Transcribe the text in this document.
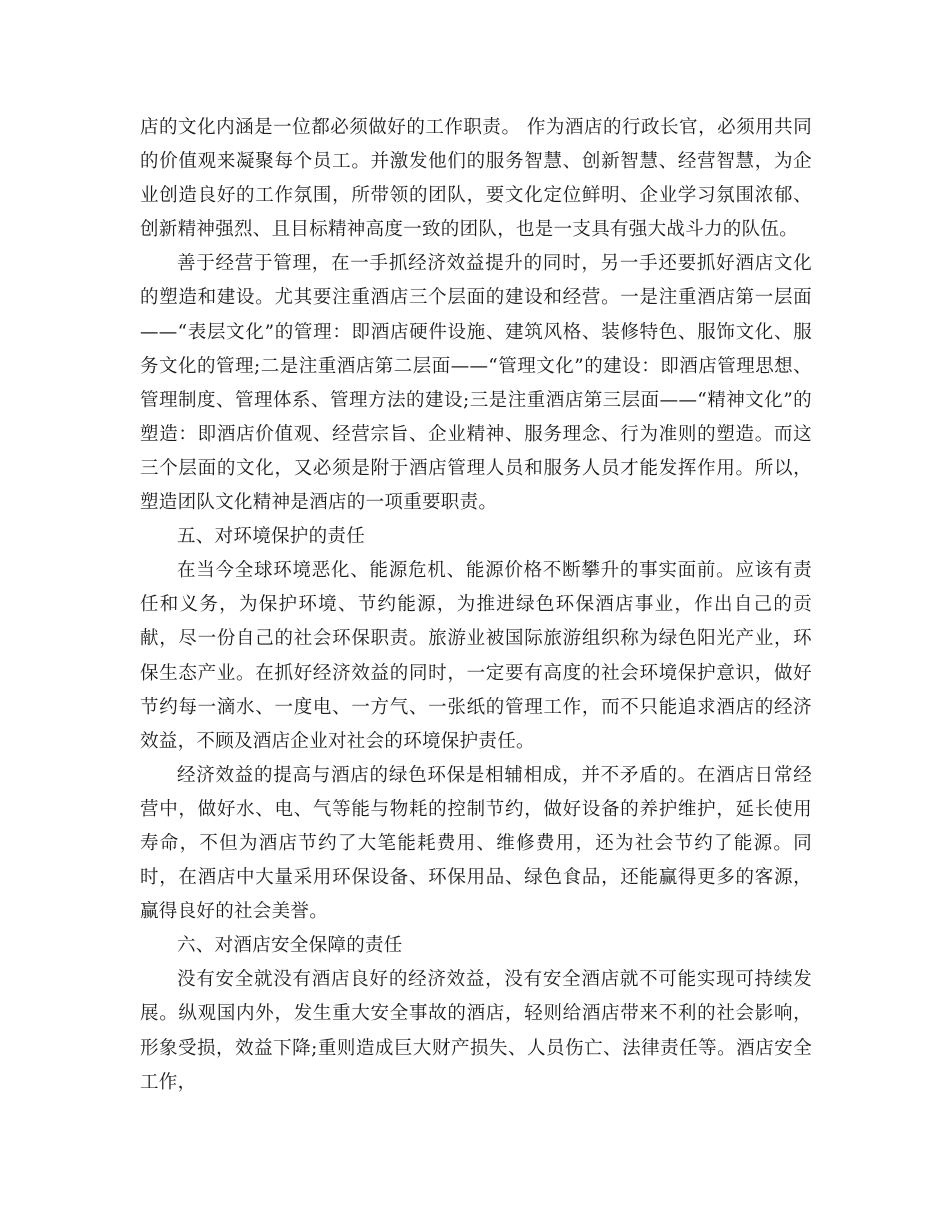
店的文化内涵是一位都必须做好的工作职责。 作为酒店的行政长官，必须用共同的价值观来凝聚每个员工。并激发他们的服务智慧、创新智慧、经营智慧，为企业创造良好的工作氛围，所带领的团队，要文化定位鲜明、企业学习氛围浓郁、创新精神强烈、且目标精神高度一致的团队，也是一支具有强大战斗力的队伍。

善于经营于管理，在一手抓经济效益提升的同时，另一手还要抓好酒店文化的塑造和建设。尤其要注重酒店三个层面的建设和经营。一是注重酒店第一层面——“表层文化”的管理：即酒店硬件设施、建筑风格、装修特色、服饰文化、服务文化的管理;二是注重酒店第二层面——“管理文化”的建设：即酒店管理思想、管理制度、管理体系、管理方法的建设;三是注重酒店第三层面——“精神文化”的塑造：即酒店价值观、经营宗旨、企业精神、服务理念、行为准则的塑造。而这三个层面的文化，又必须是附于酒店管理人员和服务人员才能发挥作用。所以，塑造团队文化精神是酒店的一项重要职责。

五、对环境保护的责任

在当今全球环境恶化、能源危机、能源价格不断攀升的事实面前。应该有责任和义务，为保护环境、节约能源，为推进绿色环保酒店事业，作出自己的贡献，尽一份自己的社会环保职责。旅游业被国际旅游组织称为绿色阳光产业，环保生态产业。在抓好经济效益的同时，一定要有高度的社会环境保护意识，做好节约每一滴水、一度电、一方气、一张纸的管理工作，而不只能追求酒店的经济效益，不顾及酒店企业对社会的环境保护责任。

经济效益的提高与酒店的绿色环保是相辅相成，并不矛盾的。在酒店日常经营中，做好水、电、气等能与物耗的控制节约，做好设备的养护维护，延长使用寿命，不但为酒店节约了大笔能耗费用、维修费用，还为社会节约了能源。同时，在酒店中大量采用环保设备、环保用品、绿色食品，还能赢得更多的客源，赢得良好的社会美誉。

六、对酒店安全保障的责任

没有安全就没有酒店良好的经济效益，没有安全酒店就不可能实现可持续发展。纵观国内外，发生重大安全事故的酒店，轻则给酒店带来不利的社会影响，形象受损，效益下降;重则造成巨大财产损失、人员伤亡、法律责任等。酒店安全工作，
